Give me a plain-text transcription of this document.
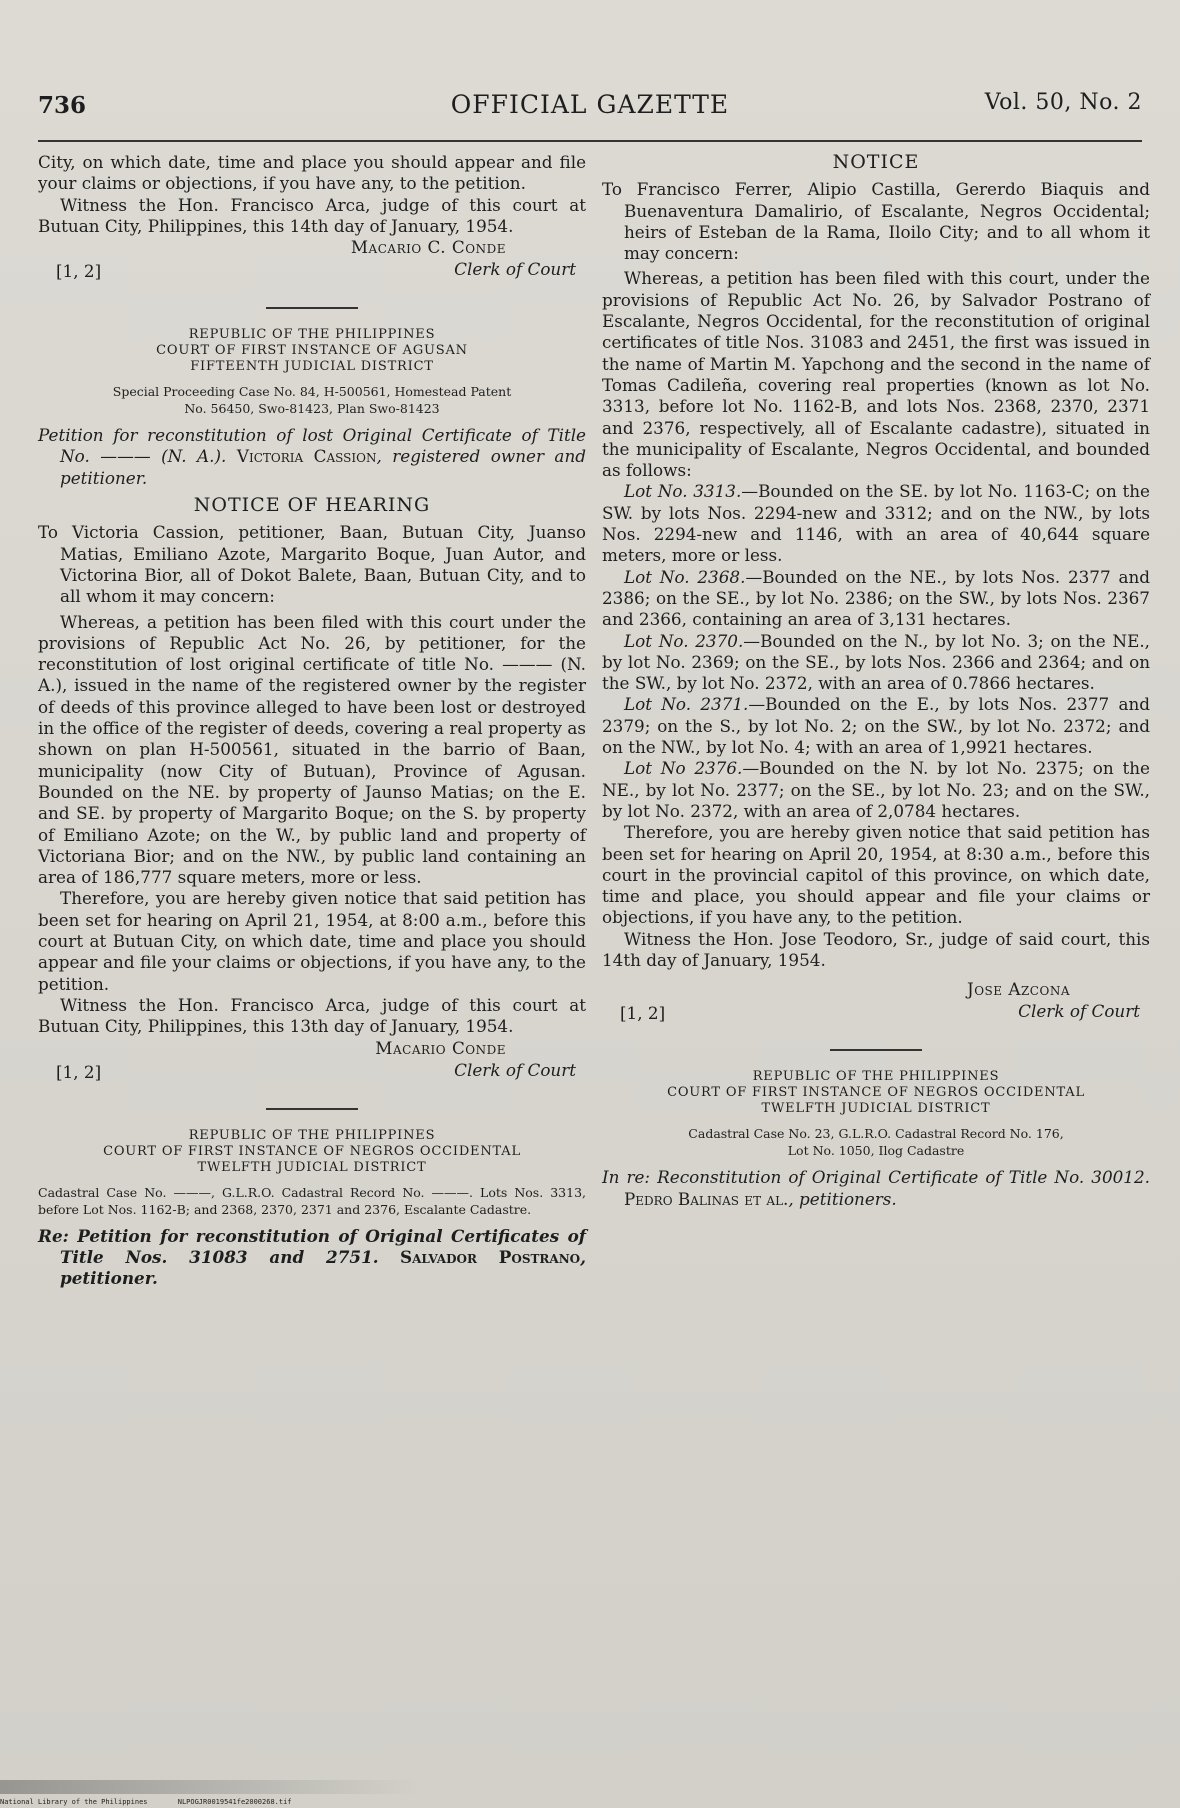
736	OFFICIAL GAZETTE	Vol. 50, No. 2

City, on which date, time and place you should appear and file your claims or objections, if you have any, to the petition.

Witness the Hon. Francisco Arca, judge of this court at Butuan City, Philippines, this 14th day of January, 1954.

Macario C. Conde
Clerk of Court
[1, 2]
REPUBLIC OF THE PHILIPPINES
COURT OF FIRST INSTANCE OF AGUSAN
FIFTEENTH JUDICIAL DISTRICT
Special Proceeding Case No. 84, H-500561, Homestead Patent
No. 56450, Swo-81423, Plan Swo-81423

Petition for reconstitution of lost Original Certificate of Title No. ——— (N. A.). Victoria Cassion, registered owner and petitioner.

NOTICE OF HEARING

To Victoria Cassion, petitioner, Baan, Butuan City, Juanso Matias, Emiliano Azote, Margarito Boque, Juan Autor, and Victorina Bior, all of Dokot Balete, Baan, Butuan City, and to all whom it may concern:

Whereas, a petition has been filed with this court under the provisions of Republic Act No. 26, by petitioner, for the reconstitution of lost original certificate of title No. ——— (N. A.), issued in the name of the registered owner by the register of deeds of this province alleged to have been lost or destroyed in the office of the register of deeds, covering a real property as shown on plan H-500561, situated in the barrio of Baan, municipality (now City of Butuan), Province of Agusan. Bounded on the NE. by property of Jaunso Matias; on the E. and SE. by property of Margarito Boque; on the S. by property of Emiliano Azote; on the W., by public land and property of Victoriana Bior; and on the NW., by public land containing an area of 186,777 square meters, more or less.

Therefore, you are hereby given notice that said petition has been set for hearing on April 21, 1954, at 8:00 a.m., before this court at Butuan City, on which date, time and place you should appear and file your claims or objections, if you have any, to the petition.

Witness the Hon. Francisco Arca, judge of this court at Butuan City, Philippines, this 13th day of January, 1954.

Macario Conde
Clerk of Court
[1, 2]
REPUBLIC OF THE PHILIPPINES
COURT OF FIRST INSTANCE OF NEGROS OCCIDENTAL
TWELFTH JUDICIAL DISTRICT

Cadastral Case No. ———, G.L.R.O. Cadastral Record No. ———. Lots Nos. 3313, before Lot Nos. 1162-B; and 2368, 2370, 2371 and 2376, Escalante Cadastre.

Re: Petition for reconstitution of Original Certificates of Title Nos. 31083 and 2751. Salvador Postrano, petitioner.

NOTICE

To Francisco Ferrer, Alipio Castilla, Gererdo Biaquis and Buenaventura Damalirio, of Escalante, Negros Occidental; heirs of Esteban de la Rama, Iloilo City; and to all whom it may concern:

Whereas, a petition has been filed with this court, under the provisions of Republic Act No. 26, by Salvador Postrano of Escalante, Negros Occidental, for the reconstitution of original certificates of title Nos. 31083 and 2451, the first was issued in the name of Martin M. Yapchong and the second in the name of Tomas Cadileña, covering real properties (known as lot No. 3313, before lot No. 1162-B, and lots Nos. 2368, 2370, 2371 and 2376, respectively, all of Escalante cadastre), situated in the municipality of Escalante, Negros Occidental, and bounded as follows:

Lot No. 3313.—Bounded on the SE. by lot No. 1163-C; on the SW. by lots Nos. 2294-new and 3312; and on the NW., by lots Nos. 2294-new and 1146, with an area of 40,644 square meters, more or less.

Lot No. 2368.—Bounded on the NE., by lots Nos. 2377 and 2386; on the SE., by lot No. 2386; on the SW., by lots Nos. 2367 and 2366, containing an area of 3,131 hectares.

Lot No. 2370.—Bounded on the N., by lot No. 3; on the NE., by lot No. 2369; on the SE., by lots Nos. 2366 and 2364; and on the SW., by lot No. 2372, with an area of 0.7866 hectares.

Lot No. 2371.—Bounded on the E., by lots Nos. 2377 and 2379; on the S., by lot No. 2; on the SW., by lot No. 2372; and on the NW., by lot No. 4; with an area of 1,9921 hectares.

Lot No 2376.—Bounded on the N. by lot No. 2375; on the NE., by lot No. 2377; on the SE., by lot No. 23; and on the SW., by lot No. 2372, with an area of 2,0784 hectares.

Therefore, you are hereby given notice that said petition has been set for hearing on April 20, 1954, at 8:30 a.m., before this court in the provincial capitol of this province, on which date, time and place, you should appear and file your claims or objections, if you have any, to the petition.

Witness the Hon. Jose Teodoro, Sr., judge of said court, this 14th day of January, 1954.

Jose Azcona
Clerk of Court
[1, 2]
REPUBLIC OF THE PHILIPPINES
COURT OF FIRST INSTANCE OF NEGROS OCCIDENTAL
TWELFTH JUDICIAL DISTRICT
Cadastral Case No. 23, G.L.R.O. Cadastral Record No. 176,
Lot No. 1050, Ilog Cadastre

In re: Reconstitution of Original Certificate of Title No. 30012. Pedro Balinas et al., petitioners.

National Library of the Philippines	NLPOGJR0019541fe2000268.tif
